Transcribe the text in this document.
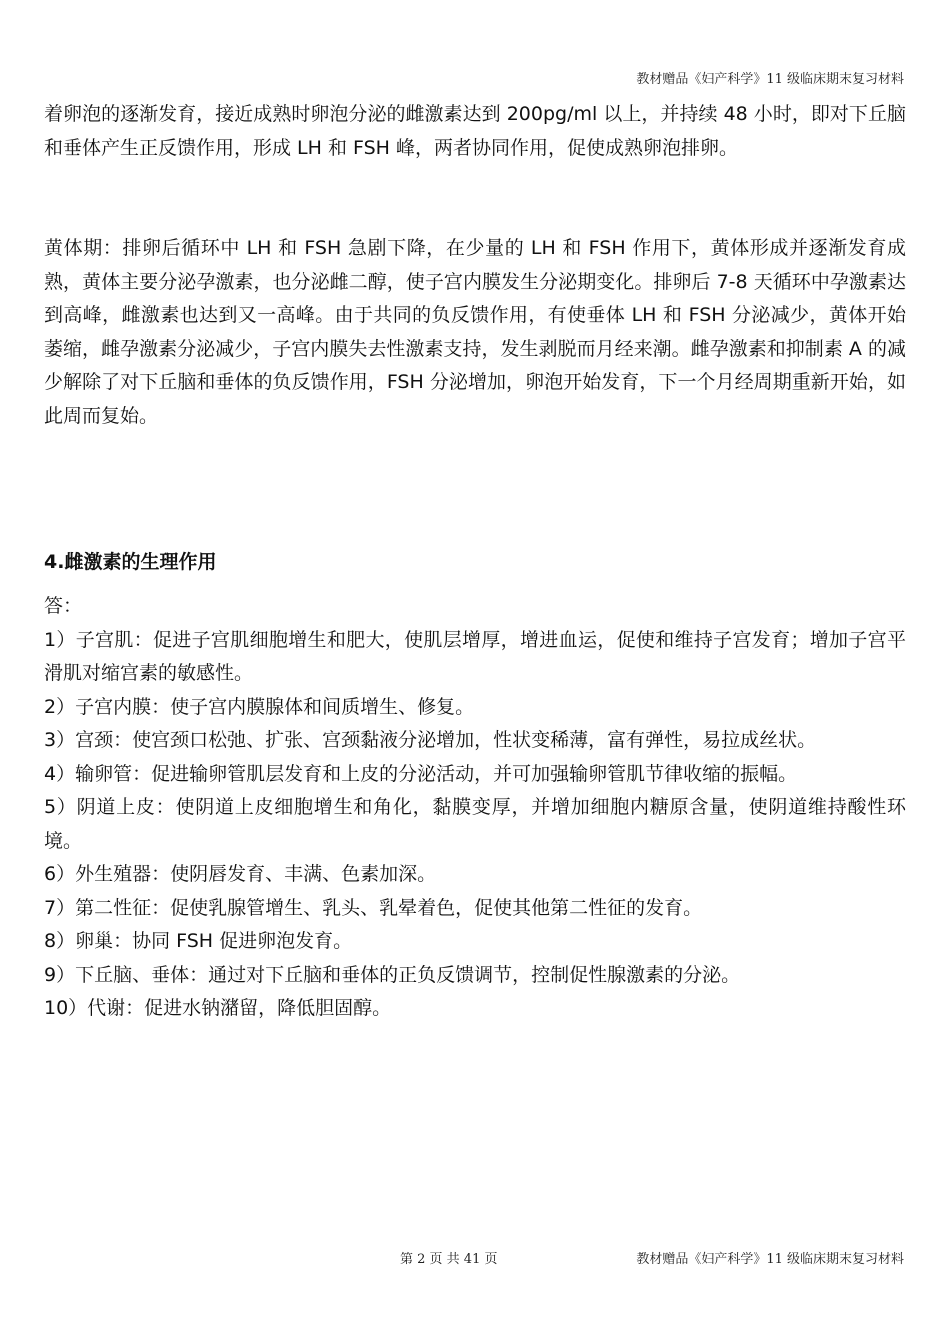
教材赠品《妇产科学》11 级临床期末复习材料

着卵泡的逐渐发育，接近成熟时卵泡分泌的雌激素达到 200pg/ml 以上，并持续 48 小时，即对下丘脑和垂体产生正反馈作用，形成 LH 和 FSH 峰，两者协同作用，促使成熟卵泡排卵。

黄体期：排卵后循环中 LH 和 FSH 急剧下降，在少量的 LH 和 FSH 作用下，黄体形成并逐渐发育成熟，黄体主要分泌孕激素，也分泌雌二醇，使子宫内膜发生分泌期变化。排卵后 7-8 天循环中孕激素达到高峰，雌激素也达到又一高峰。由于共同的负反馈作用，有使垂体 LH 和 FSH 分泌减少，黄体开始萎缩，雌孕激素分泌减少，子宫内膜失去性激素支持，发生剥脱而月经来潮。雌孕激素和抑制素 A 的减少解除了对下丘脑和垂体的负反馈作用，FSH 分泌增加，卵泡开始发育，下一个月经周期重新开始，如此周而复始。

4.雌激素的生理作用

答：

1）子宫肌：促进子宫肌细胞增生和肥大，使肌层增厚，增进血运，促使和维持子宫发育；增加子宫平滑肌对缩宫素的敏感性。

2）子宫内膜：使子宫内膜腺体和间质增生、修复。

3）宫颈：使宫颈口松弛、扩张、宫颈黏液分泌增加，性状变稀薄，富有弹性，易拉成丝状。

4）输卵管：促进输卵管肌层发育和上皮的分泌活动，并可加强输卵管肌节律收缩的振幅。

5）阴道上皮：使阴道上皮细胞增生和角化，黏膜变厚，并增加细胞内糖原含量，使阴道维持酸性环境。

6）外生殖器：使阴唇发育、丰满、色素加深。

7）第二性征：促使乳腺管增生、乳头、乳晕着色，促使其他第二性征的发育。

8）卵巢：协同 FSH 促进卵泡发育。

9）下丘脑、垂体：通过对下丘脑和垂体的正负反馈调节，控制促性腺激素的分泌。

10）代谢：促进水钠潴留，降低胆固醇。

第 2 页 共 41 页	教材赠品《妇产科学》11 级临床期末复习材料
